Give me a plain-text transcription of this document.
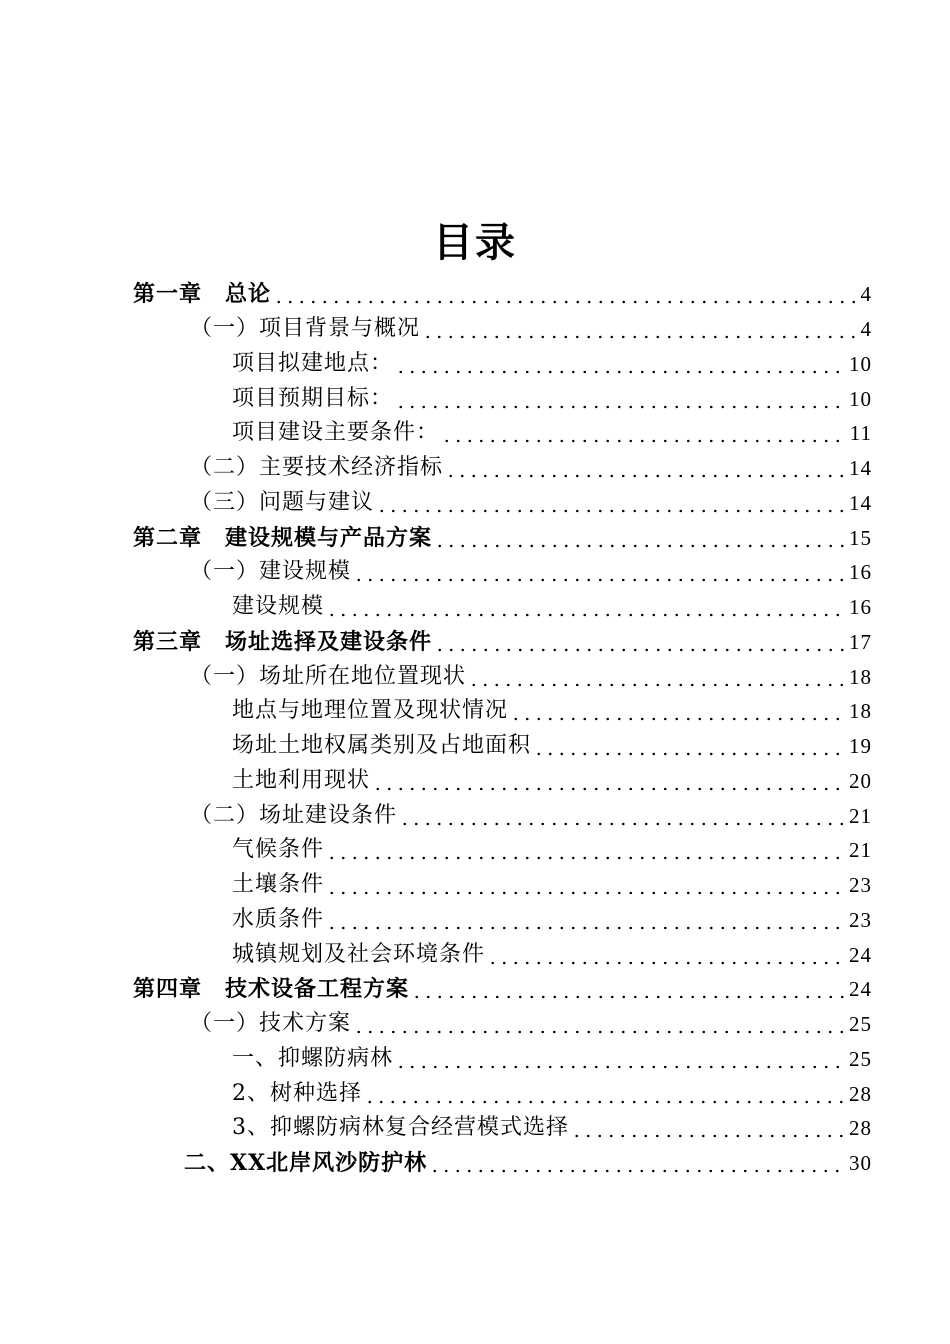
目录
第一章　总论	4
（一）项目背景与概况	4
项目拟建地点：	10
项目预期目标：	10
项目建设主要条件：	11
（二）主要技术经济指标	14
（三）问题与建议	14
第二章　建设规模与产品方案	15
（一）建设规模	16
建设规模	16
第三章　场址选择及建设条件	17
（一）场址所在地位置现状	18
地点与地理位置及现状情况	18
场址土地权属类别及占地面积	19
土地利用现状	20
（二）场址建设条件	21
气候条件	21
土壤条件	23
水质条件	23
城镇规划及社会环境条件	24
第四章　技术设备工程方案	24
（一）技术方案	25
一、抑螺防病林	25
2、树种选择	28
3、抑螺防病林复合经营模式选择	28
二、XX北岸风沙防护林	30
